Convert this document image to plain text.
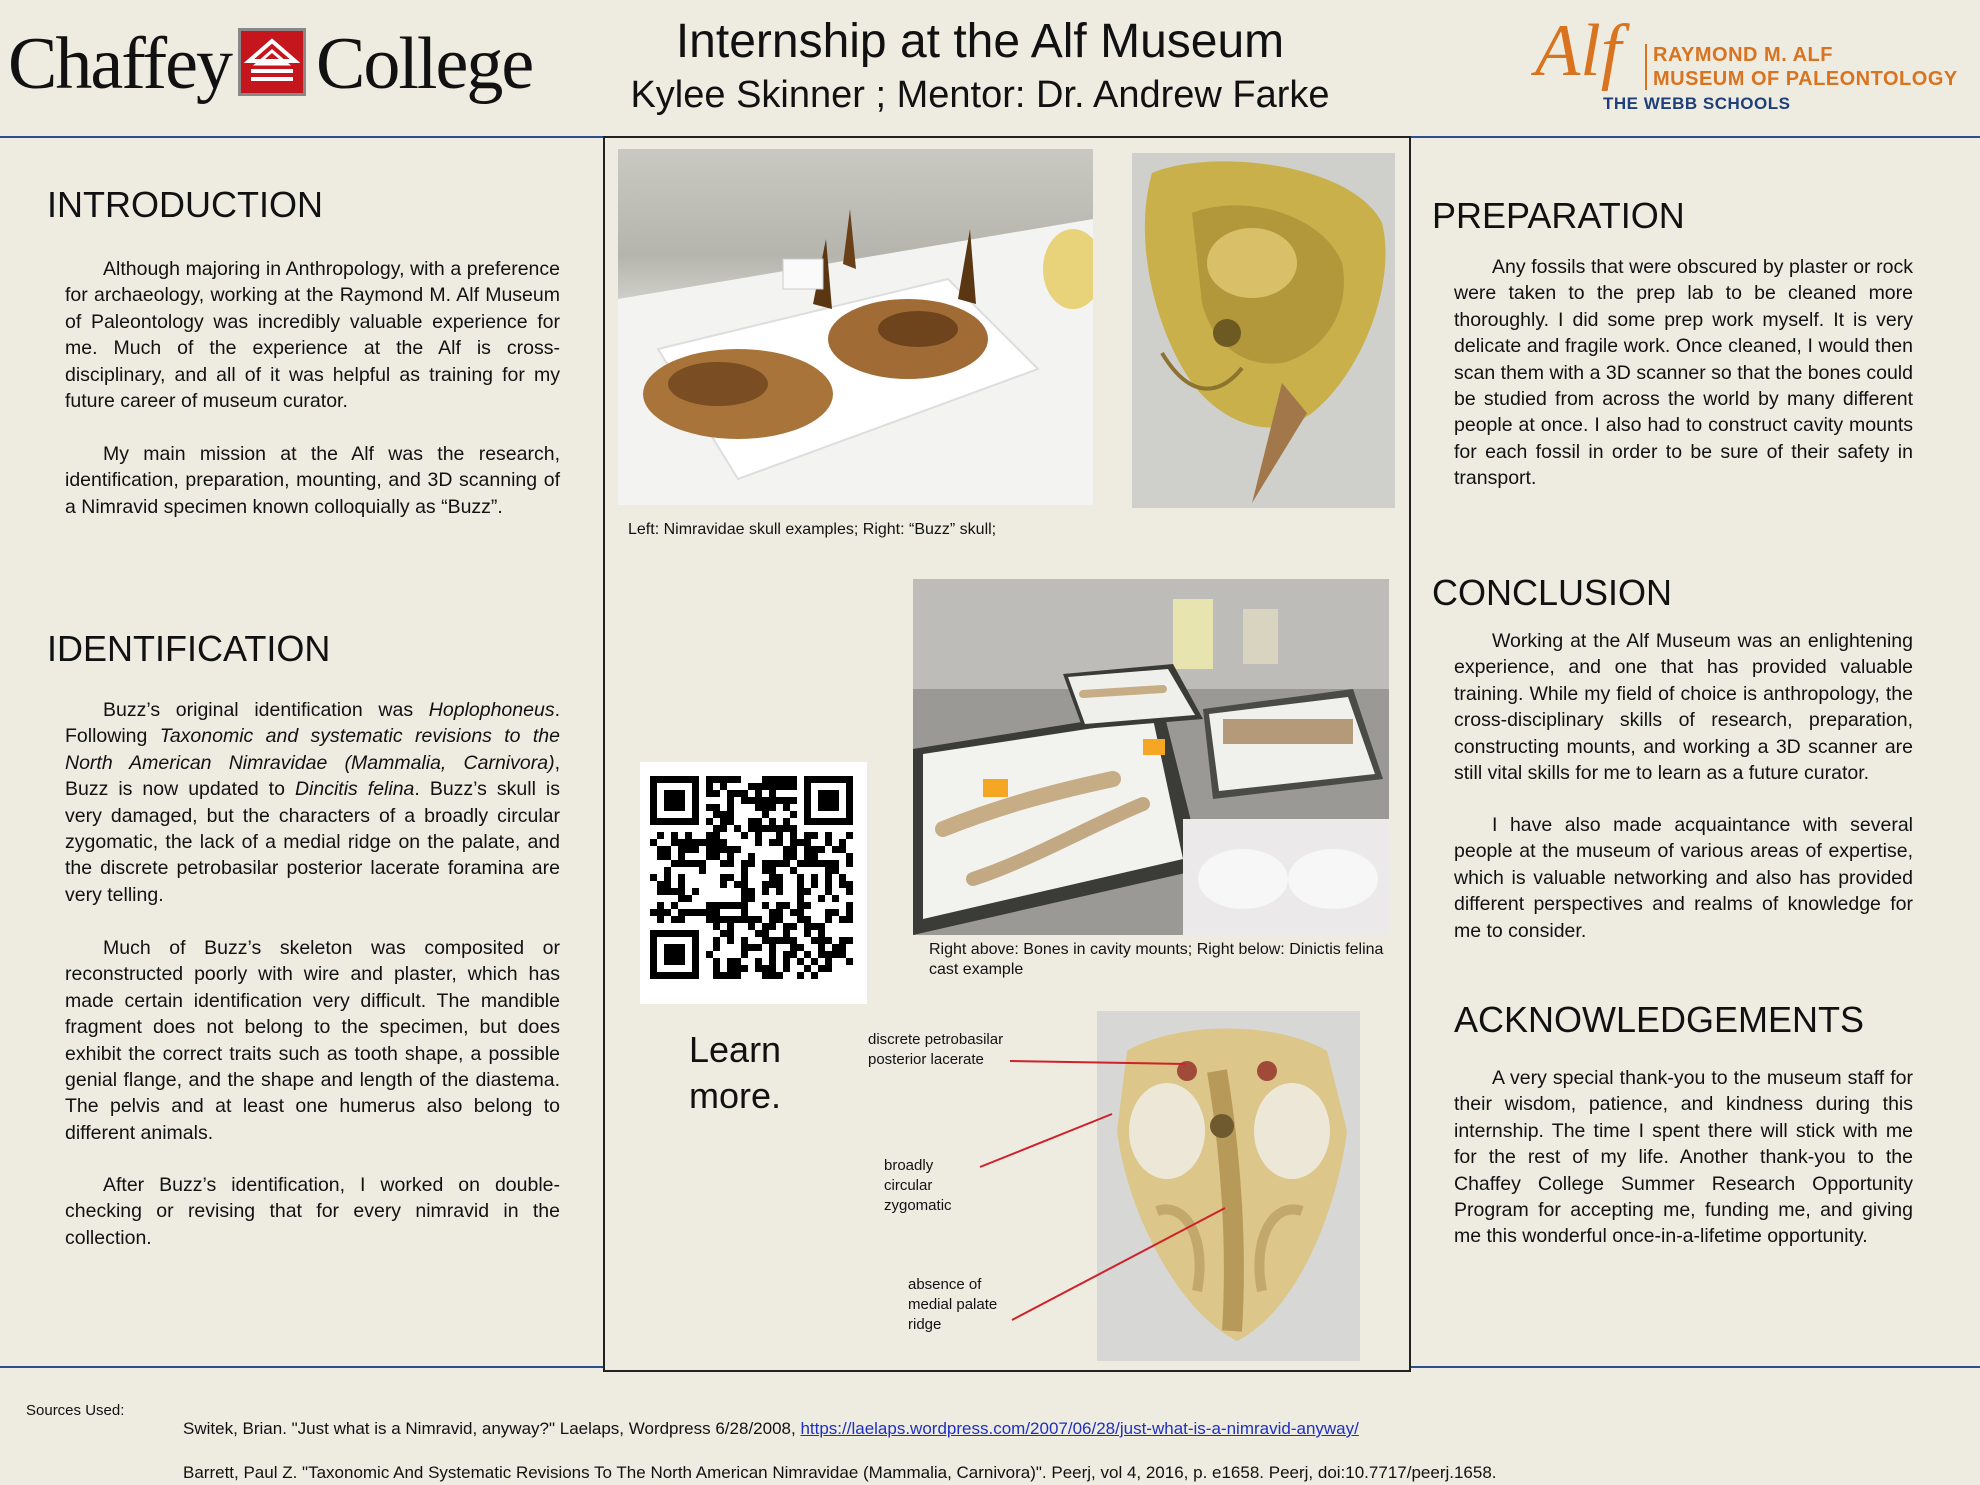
Chaffey College	Internship at the Alf Museum
Kylee Skinner ; Mentor: Dr. Andrew Farke
Alf RAYMOND M. ALF
MUSEUM OF PALEONTOLOGY
THE WEBB SCHOOLS
INTRODUCTION

Although majoring in Anthropology, with a preference for archaeology, working at the Raymond M. Alf Museum of Paleontology was incredibly valuable experience for me. Much of the experience at the Alf is cross-disciplinary, and all of it was helpful as training for my future career of museum curator.

My main mission at the Alf was the research, identification, preparation, mounting, and 3D scanning of a Nimravid specimen known colloquially as “Buzz”.

IDENTIFICATION

Buzz’s original identification was Hoplophoneus. Following Taxonomic and systematic revisions to the North American Nimravidae (Mammalia, Carnivora), Buzz is now updated to Dincitis felina. Buzz’s skull is very damaged, but the characters of a broadly circular zygomatic, the lack of a medial ridge on the palate, and the discrete petrobasilar posterior lacerate foramina are very telling.

Much of Buzz’s skeleton was composited or reconstructed poorly with wire and plaster, which has made certain identification very difficult. The mandible fragment does not belong to the specimen, but does exhibit the correct traits such as tooth shape, a possible genial flange, and the shape and length of the diastema. The pelvis and at least one humerus also belong to different animals.

After Buzz’s identification, I worked on double-checking or revising that for every nimravid in the collection.

Left: Nimravidae skull examples; Right: “Buzz” skull;
Right above: Bones in cavity mounts; Right below: Dinictis felina cast example
Learn
more.
discrete petrobasilar
posterior lacerate
broadly
circular
zygomatic
absence of
medial palate
ridge
PREPARATION

Any fossils that were obscured by plaster or rock were taken to the prep lab to be cleaned more thoroughly. I did some prep work myself. It is very delicate and fragile work. Once cleaned, I would then scan them with a 3D scanner so that the bones could be studied from across the world by many different people at once. I also had to construct cavity mounts for each fossil in order to be sure of their safety in transport.

CONCLUSION

Working at the Alf Museum was an enlightening experience, and one that has provided valuable training. While my field of choice is anthropology, the cross-disciplinary skills of research, preparation, constructing mounts, and working a 3D scanner are still vital skills for me to learn as a future curator.

I have also made acquaintance with several people at the museum of various areas of expertise, which is valuable networking and also has provided different perspectives and realms of knowledge for me to consider.

ACKNOWLEDGEMENTS

A very special thank-you to the museum staff for their wisdom, patience, and kindness during this internship. The time I spent there will stick with me for the rest of my life. Another thank-you to the Chaffey College Summer Research Opportunity Program for accepting me, funding me, and giving me this wonderful once-in-a-lifetime opportunity.

Sources Used:
Switek, Brian. "Just what is a Nimravid, anyway?" Laelaps, Wordpress 6/28/2008, https://laelaps.wordpress.com/2007/06/28/just-what-is-a-nimravid-anyway/
Barrett, Paul Z. "Taxonomic And Systematic Revisions To The North American Nimravidae (Mammalia, Carnivora)". Peerj, vol 4, 2016, p. e1658. Peerj, doi:10.7717/peerj.1658.
